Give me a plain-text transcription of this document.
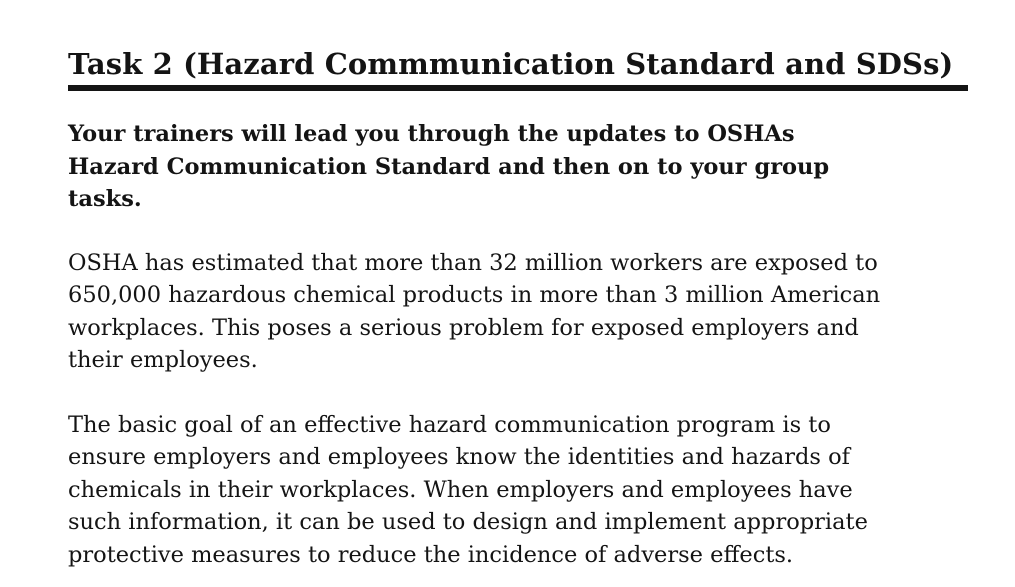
Task 2 (Hazard Commmunication Standard and SDSs)

Your trainers will lead you through the updates to OSHAs
Hazard Communication Standard and then on to your group
tasks.

OSHA has estimated that more than 32 million workers are exposed to
650,000 hazardous chemical products in more than 3 million American
workplaces. This poses a serious problem for exposed employers and
their employees.

The basic goal of an effective hazard communication program is to
ensure employers and employees know the identities and hazards of
chemicals in their workplaces. When employers and employees have
such information, it can be used to design and implement appropriate
protective measures to reduce the incidence of adverse effects.
